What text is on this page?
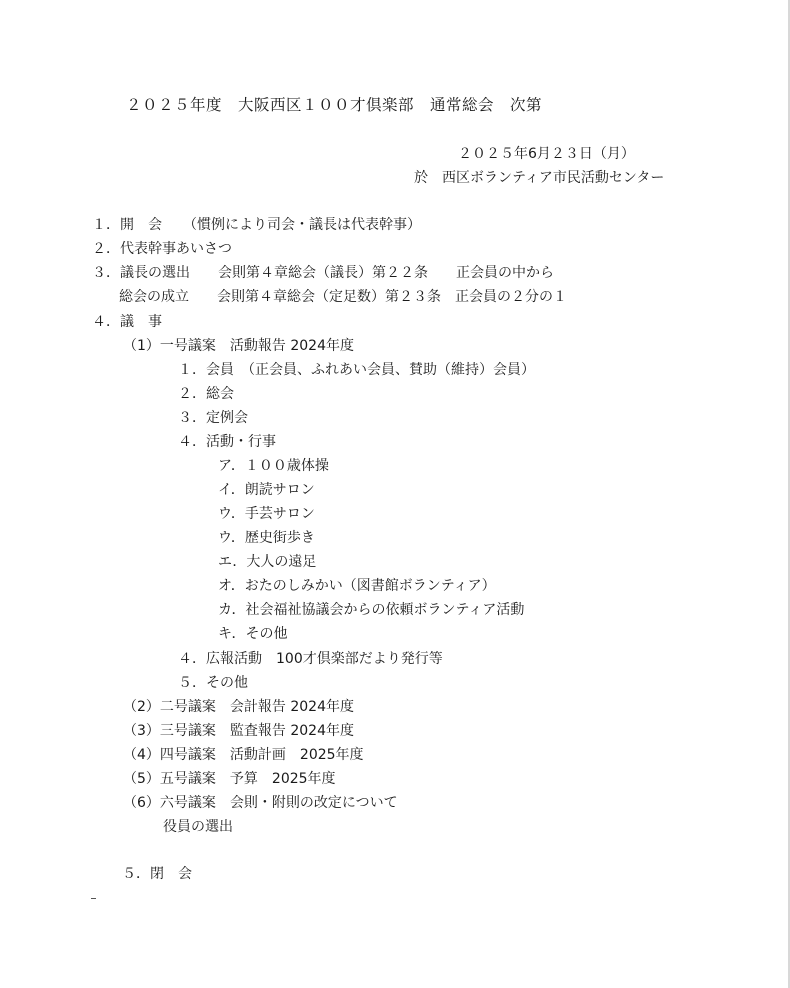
２０２５年度　大阪西区１００才倶楽部　通常総会　次第
２０２５年6月２３日（月）
於　西区ボランティア市民活動センター
１．開　会　　（慣例により司会・議長は代表幹事）
２．代表幹事あいさつ
３．議長の選出　　会則第４章総会（議長）第２２条　　正会員の中から
総会の成立　　会則第４章総会（定足数）第２３条　正会員の２分の１
４．議　事
（1）一号議案　活動報告 2024年度
１．会員　（正会員、ふれあい会員、賛助（維持）会員）
２．総会
３．定例会
４．活動・行事
ア．１００歳体操
イ．朗読サロン
ウ．手芸サロン
ウ．歴史街歩き
エ．大人の遠足
オ．おたのしみかい（図書館ボランティア）
カ．社会福祉協議会からの依頼ボランティア活動
キ．その他
４．広報活動　100才倶楽部だより発行等
５．その他
（2）二号議案　会計報告 2024年度
（3）三号議案　監査報告 2024年度
（4）四号議案　活動計画　2025年度
（5）五号議案　予算　2025年度
（6）六号議案　会則・附則の改定について
役員の選出
５．閉　会
